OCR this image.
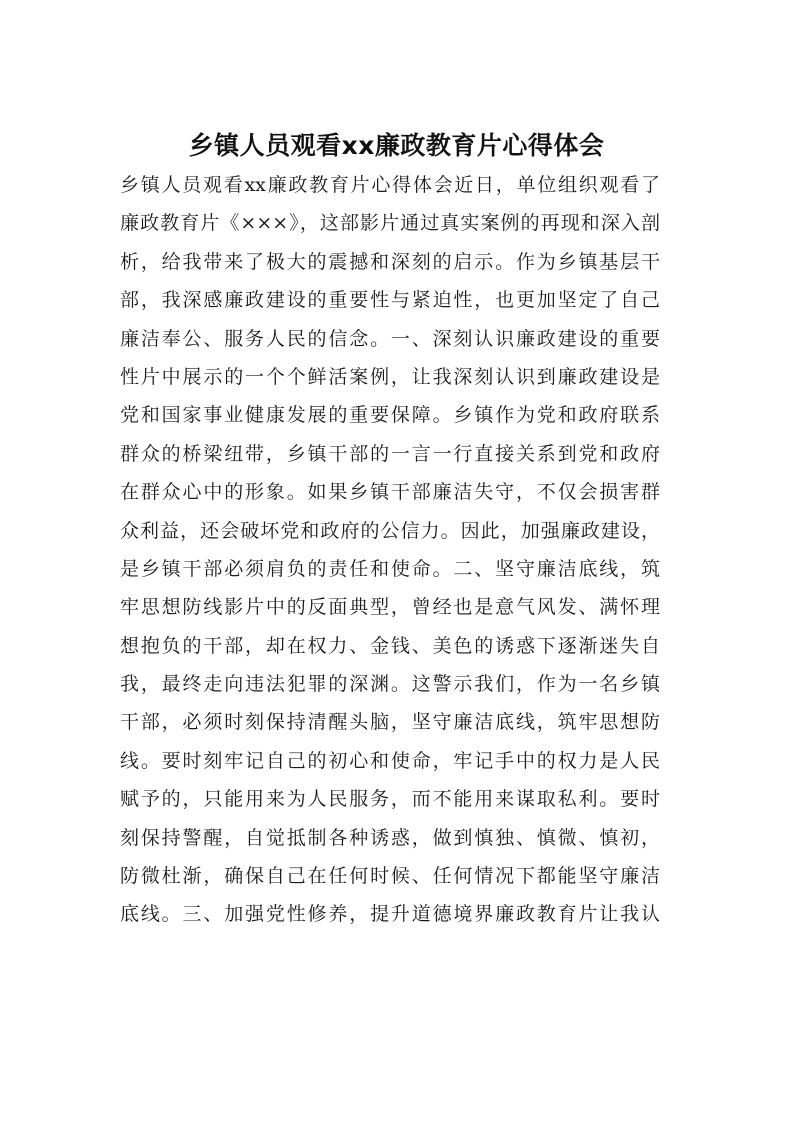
乡镇人员观看xx廉政教育片心得体会
乡镇人员观看xx廉政教育片心得体会近日，单位组织观看了
廉政教育片《×××》，这部影片通过真实案例的再现和深入剖
析，给我带来了极大的震撼和深刻的启示。作为乡镇基层干
部，我深感廉政建设的重要性与紧迫性，也更加坚定了自己
廉洁奉公、服务人民的信念。一、深刻认识廉政建设的重要
性片中展示的一个个鲜活案例，让我深刻认识到廉政建设是
党和国家事业健康发展的重要保障。乡镇作为党和政府联系
群众的桥梁纽带，乡镇干部的一言一行直接关系到党和政府
在群众心中的形象。如果乡镇干部廉洁失守，不仅会损害群
众利益，还会破坏党和政府的公信力。因此，加强廉政建设，
是乡镇干部必须肩负的责任和使命。二、坚守廉洁底线，筑
牢思想防线影片中的反面典型，曾经也是意气风发、满怀理
想抱负的干部，却在权力、金钱、美色的诱惑下逐渐迷失自
我，最终走向违法犯罪的深渊。这警示我们，作为一名乡镇
干部，必须时刻保持清醒头脑，坚守廉洁底线，筑牢思想防
线。要时刻牢记自己的初心和使命，牢记手中的权力是人民
赋予的，只能用来为人民服务，而不能用来谋取私利。要时
刻保持警醒，自觉抵制各种诱惑，做到慎独、慎微、慎初，
防微杜渐，确保自己在任何时候、任何情况下都能坚守廉洁
底线。三、加强党性修养，提升道德境界廉政教育片让我认
